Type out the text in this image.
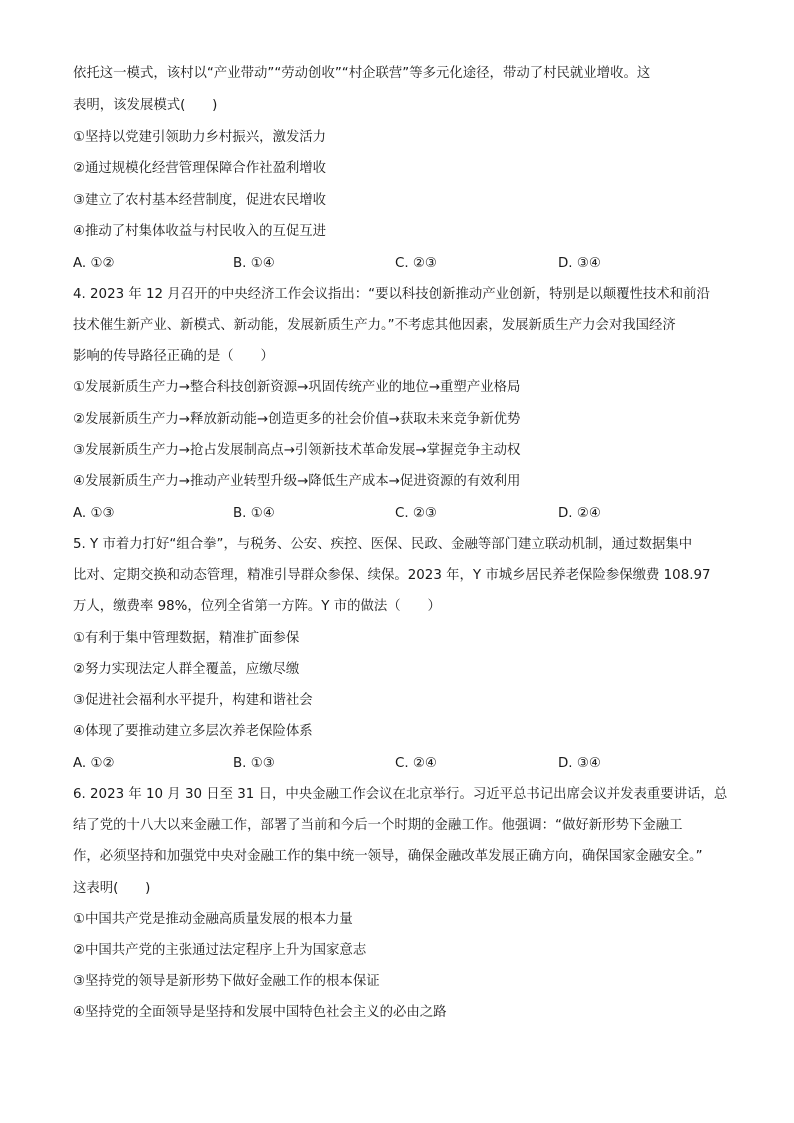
依托这一模式，该村以“产业带动”“劳动创收”“村企联营”等多元化途径，带动了村民就业增收。这
表明，该发展模式(　　)
①坚持以党建引领助力乡村振兴，激发活力
②通过规模化经营管理保障合作社盈利增收
③建立了农村基本经营制度，促进农民增收
④推动了村集体收益与村民收入的互促互进
A. ①②	B. ①④	C. ②③	D. ③④
4. 2023 年 12 月召开的中央经济工作会议指出：“要以科技创新推动产业创新，特别是以颠覆性技术和前沿
技术催生新产业、新模式、新动能，发展新质生产力。”不考虑其他因素，发展新质生产力会对我国经济
影响的传导路径正确的是（　　）
①发展新质生产力→整合科技创新资源→巩固传统产业的地位→重塑产业格局
②发展新质生产力→释放新动能→创造更多的社会价值→获取未来竞争新优势
③发展新质生产力→抢占发展制高点→引领新技术革命发展→掌握竞争主动权
④发展新质生产力→推动产业转型升级→降低生产成本→促进资源的有效利用
A. ①③	B. ①④	C. ②③	D. ②④
5. Y 市着力打好“组合拳”，与税务、公安、疾控、医保、民政、金融等部门建立联动机制，通过数据集中
比对、定期交换和动态管理，精准引导群众参保、续保。2023 年，Y 市城乡居民养老保险参保缴费 108.97
万人，缴费率 98%，位列全省第一方阵。Y 市的做法（　　）
①有利于集中管理数据，精准扩面参保
②努力实现法定人群全覆盖，应缴尽缴
③促进社会福利水平提升，构建和谐社会
④体现了要推动建立多层次养老保险体系
A. ①②	B. ①③	C. ②④	D. ③④
6. 2023 年 10 月 30 日至 31 日，中央金融工作会议在北京举行。习近平总书记出席会议并发表重要讲话，总
结了党的十八大以来金融工作，部署了当前和今后一个时期的金融工作。他强调：“做好新形势下金融工
作，必须坚持和加强党中央对金融工作的集中统一领导，确保金融改革发展正确方向，确保国家金融安全。”
这表明(　　)
①中国共产党是推动金融高质量发展的根本力量
②中国共产党的主张通过法定程序上升为国家意志
③坚持党的领导是新形势下做好金融工作的根本保证
④坚持党的全面领导是坚持和发展中国特色社会主义的必由之路
